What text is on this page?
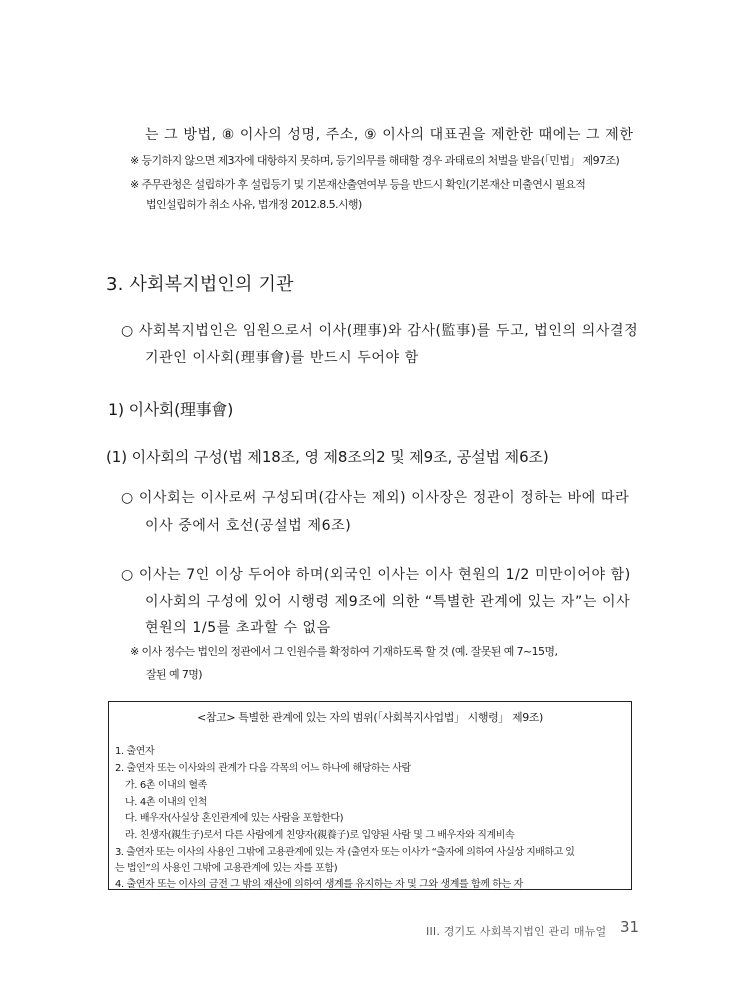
는 그 방법, ⑧ 이사의 성명, 주소, ⑨ 이사의 대표권을 제한한 때에는 그 제한
※ 등기하지 않으면 제3자에 대항하지 못하며, 등기의무를 해태할 경우 과태료의 처벌을 받음(「민법」 제97조)
※ 주무관청은 설립하가 후 설립등기 및 기본재산출연여부 등을 반드시 확인(기본재산 미출연시 필요적
법인설립허가 취소 사유, 법개정 2012.8.5.시행)
3. 사회복지법인의 기관
○ 사회복지법인은 임원으로서 이사(理事)와 감사(監事)를 두고, 법인의 의사결정
기관인 이사회(理事會)를 반드시 두어야 함
1) 이사회(理事會)
(1) 이사회의 구성(법 제18조, 영 제8조의2 및 제9조, 공설법 제6조)
○ 이사회는 이사로써 구성되며(감사는 제외) 이사장은 정관이 정하는 바에 따라
이사 중에서 호선(공설법 제6조)
○ 이사는 7인 이상 두어야 하며(외국인 이사는 이사 현원의 1/2 미만이어야 함)
이사회의 구성에 있어 시행령 제9조에 의한 “특별한 관계에 있는 자”는 이사
현원의 1/5를 초과할 수 없음
※ 이사 정수는 법인의 정관에서 그 인원수를 확정하여 기재하도록 할 것 (예. 잘못된 예 7~15명,
잘된 예 7명)
<참고> 특별한 관계에 있는 자의 범위(「사회복지사업법」 시행령」 제9조)
1. 출연자
2. 출연자 또는 이사와의 관계가 다음 각목의 어느 하나에 해당하는 사람
가. 6촌 이내의 혈족
나. 4촌 이내의 인척
다. 배우자(사실상 혼인관계에 있는 사람을 포함한다)
라. 친생자(親生子)로서 다른 사람에게 친양자(親養子)로 입양된 사람 및 그 배우자와 직계비속
3. 출연자 또는 이사의 사용인 그밖에 고용관계에 있는 자 (출연자 또는 이사가 “출자에 의하여 사실상 지배하고 있
는 법인”의 사용인 그밖에 고용관계에 있는 자를 포함)
4. 출연자 또는 이사의 금전 그 밖의 재산에 의하여 생계를 유지하는 자 및 그와 생계를 함께 하는 자
III. 경기도 사회복지법인 관리 매뉴얼 31
